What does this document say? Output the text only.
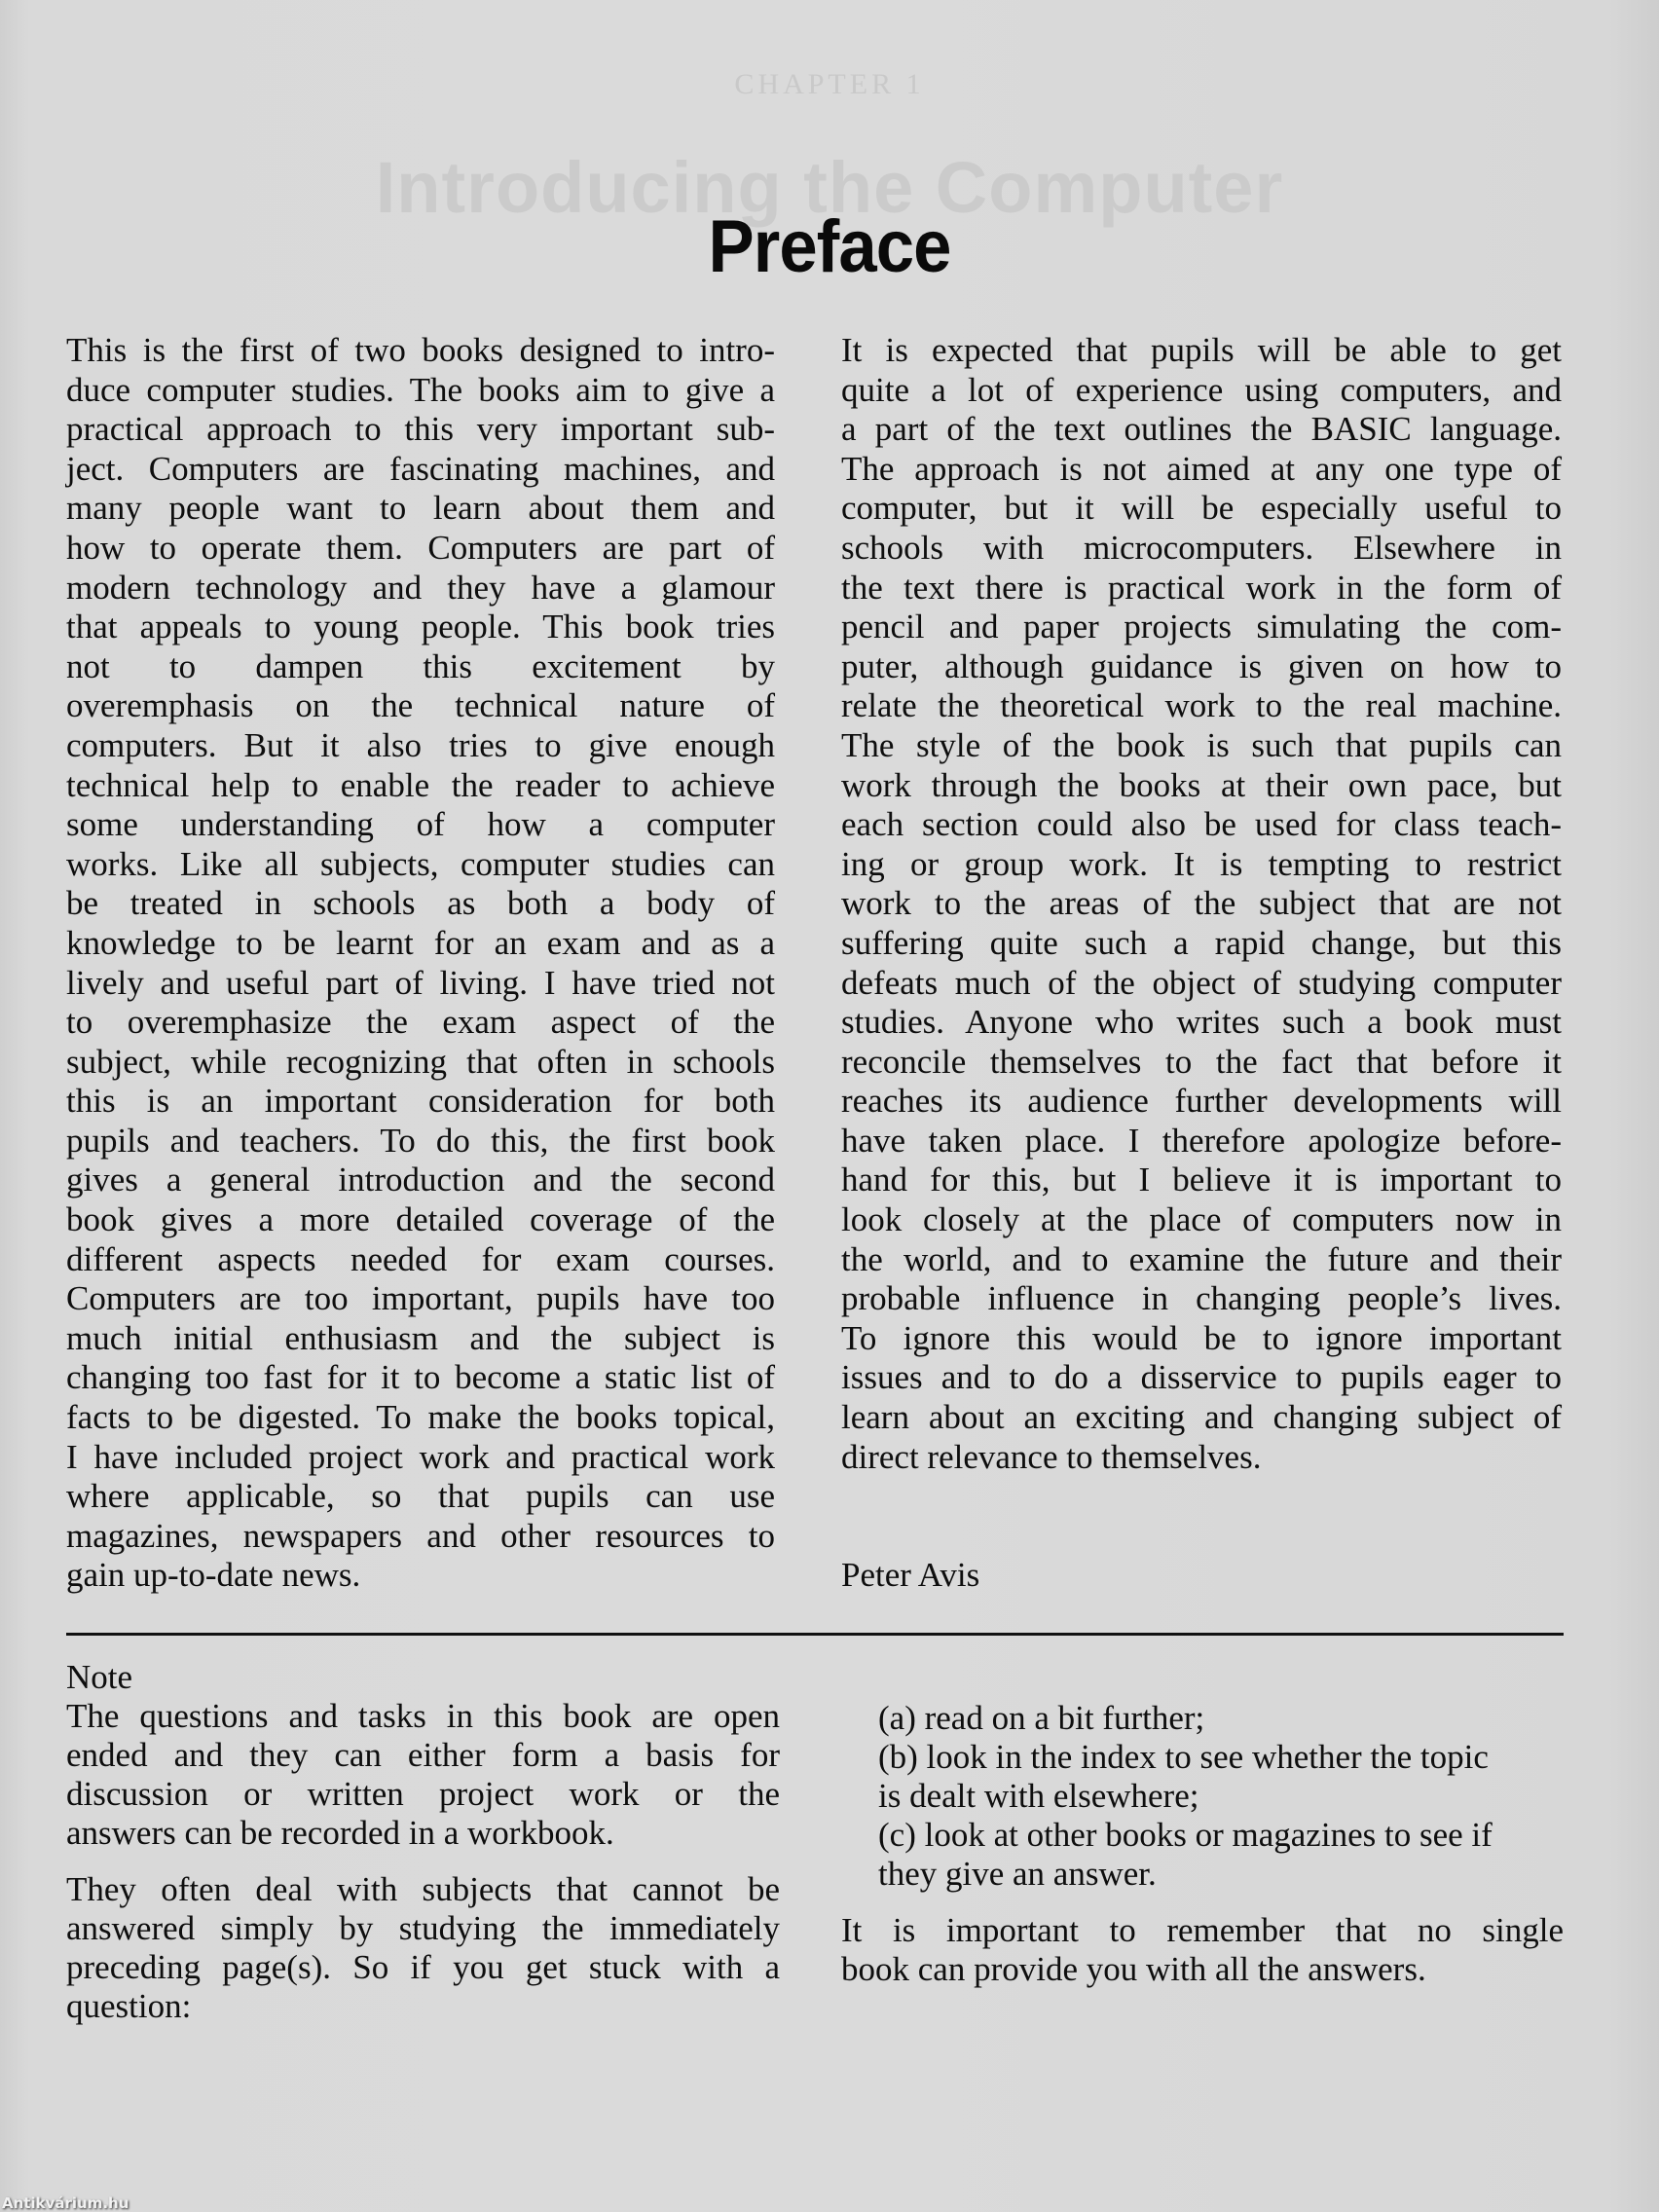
CHAPTER 1
Introducing the Computer
Preface
This is the first of two books designed to intro-
duce computer studies. The books aim to give a
practical approach to this very important sub-
ject. Computers are fascinating machines, and
many people want to learn about them and
how to operate them. Computers are part of
modern technology and they have a glamour
that appeals to young people. This book tries
not to dampen this excitement by
overemphasis on the technical nature of
computers. But it also tries to give enough
technical help to enable the reader to achieve
some understanding of how a computer
works. Like all subjects, computer studies can
be treated in schools as both a body of
knowledge to be learnt for an exam and as a
lively and useful part of living. I have tried not
to overemphasize the exam aspect of the
subject, while recognizing that often in schools
this is an important consideration for both
pupils and teachers. To do this, the first book
gives a general introduction and the second
book gives a more detailed coverage of the
different aspects needed for exam courses.
Computers are too important, pupils have too
much initial enthusiasm and the subject is
changing too fast for it to become a static list of
facts to be digested. To make the books topical,
I have included project work and practical work
where applicable, so that pupils can use
magazines, newspapers and other resources to
gain up-to-date news.
It is expected that pupils will be able to get
quite a lot of experience using computers, and
a part of the text outlines the BASIC language.
The approach is not aimed at any one type of
computer, but it will be especially useful to
schools with microcomputers. Elsewhere in
the text there is practical work in the form of
pencil and paper projects simulating the com-
puter, although guidance is given on how to
relate the theoretical work to the real machine.
The style of the book is such that pupils can
work through the books at their own pace, but
each section could also be used for class teach-
ing or group work. It is tempting to restrict
work to the areas of the subject that are not
suffering quite such a rapid change, but this
defeats much of the object of studying computer
studies. Anyone who writes such a book must
reconcile themselves to the fact that before it
reaches its audience further developments will
have taken place. I therefore apologize before-
hand for this, but I believe it is important to
look closely at the place of computers now in
the world, and to examine the future and their
probable influence in changing people’s lives.
To ignore this would be to ignore important
issues and to do a disservice to pupils eager to
learn about an exciting and changing subject of
direct relevance to themselves.
Peter Avis
Note
The questions and tasks in this book are open
ended and they can either form a basis for
discussion or written project work or the
answers can be recorded in a workbook.
They often deal with subjects that cannot be
answered simply by studying the immediately
preceding page(s). So if you get stuck with a
question:
(a) read on a bit further;
(b) look in the index to see whether the topic
is dealt with elsewhere;
(c) look at other books or magazines to see if
they give an answer.
It is important to remember that no single
book can provide you with all the answers.
Antikvárium.hu
